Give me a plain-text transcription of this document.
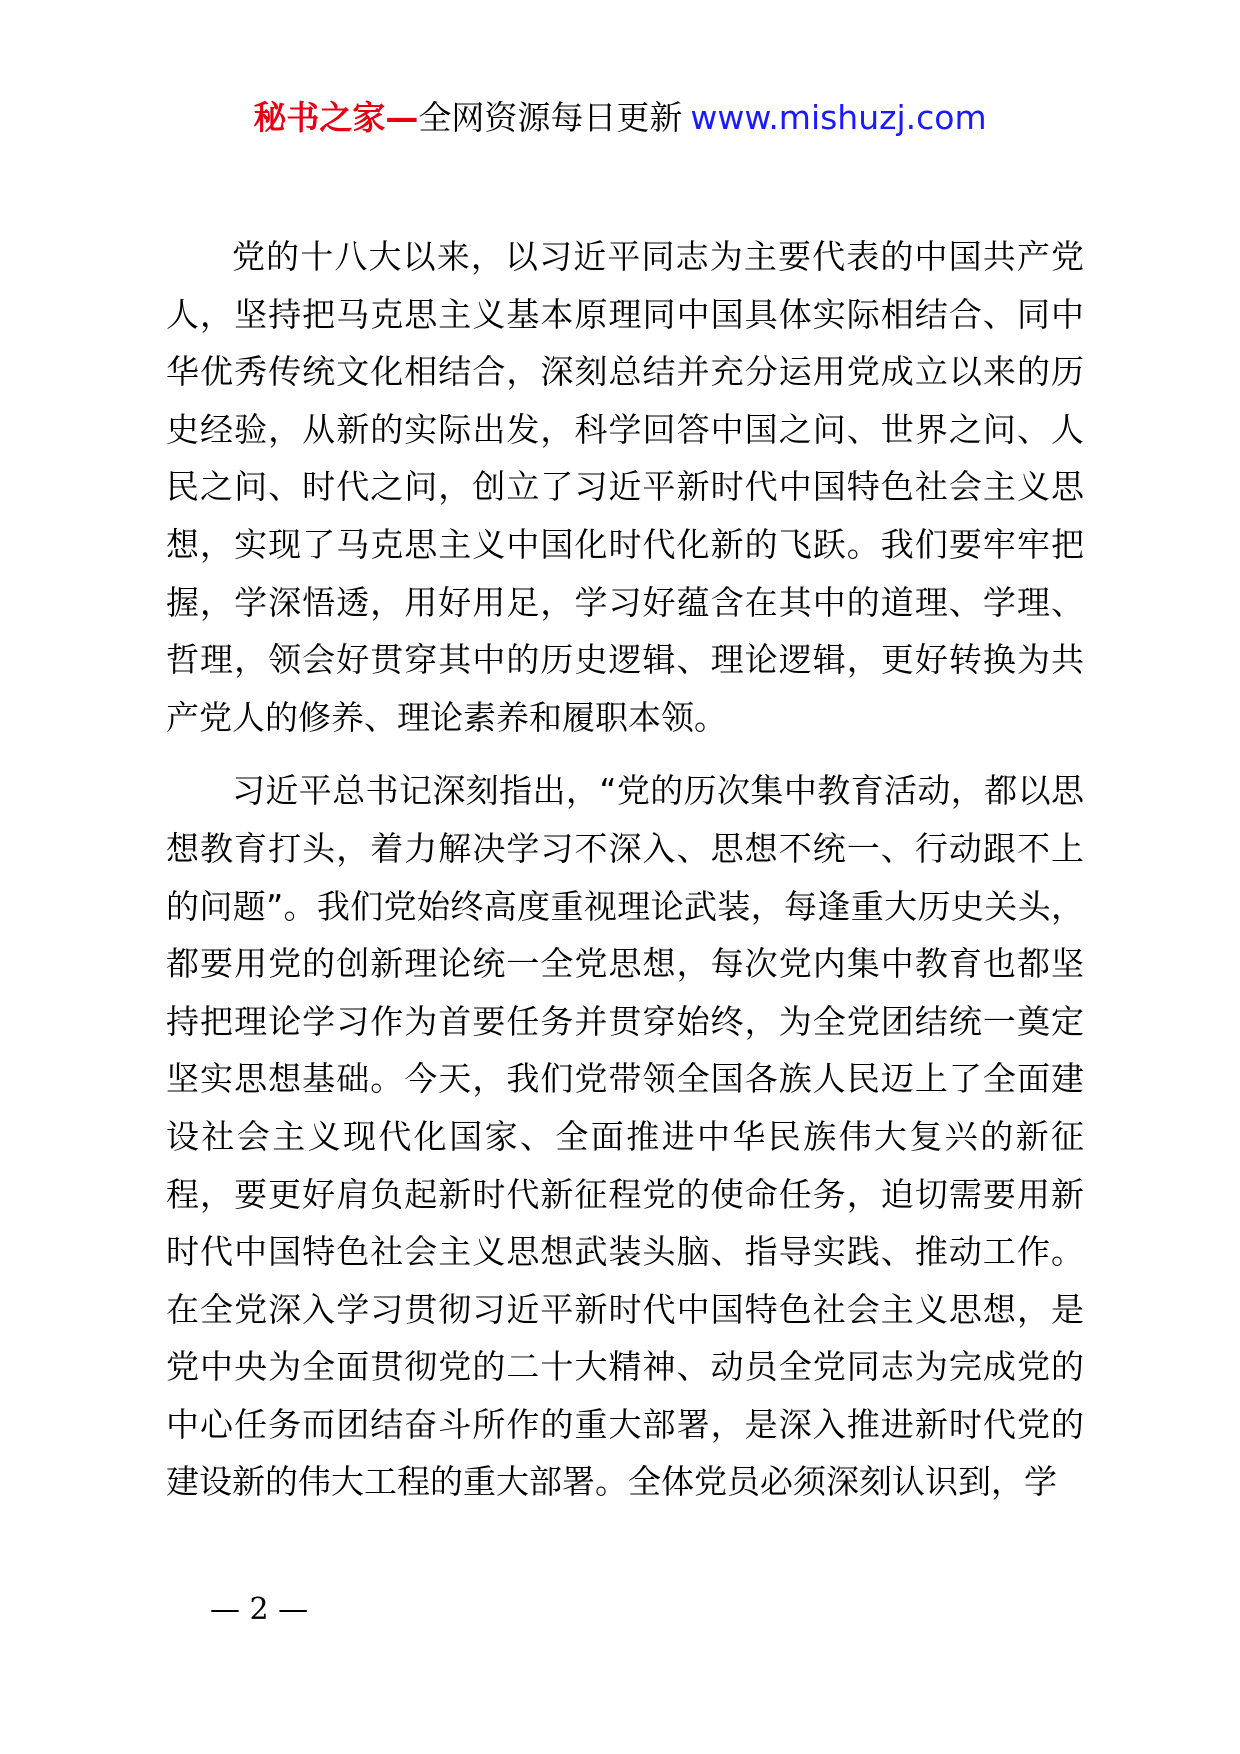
秘书之家—全网资源每日更新 www.mishuzj.com

党的十八大以来，以习近平同志为主要代表的中国共产党人，坚持把马克思主义基本原理同中国具体实际相结合、同中华优秀传统文化相结合，深刻总结并充分运用党成立以来的历史经验，从新的实际出发，科学回答中国之问、世界之问、人民之问、时代之问，创立了习近平新时代中国特色社会主义思想，实现了马克思主义中国化时代化新的飞跃。我们要牢牢把握，学深悟透，用好用足，学习好蕴含在其中的道理、学理、哲理，领会好贯穿其中的历史逻辑、理论逻辑，更好转换为共产党人的修养、理论素养和履职本领。

习近平总书记深刻指出，“党的历次集中教育活动，都以思想教育打头，着力解决学习不深入、思想不统一、行动跟不上的问题”。我们党始终高度重视理论武装，每逢重大历史关头，都要用党的创新理论统一全党思想，每次党内集中教育也都坚持把理论学习作为首要任务并贯穿始终，为全党团结统一奠定坚实思想基础。今天，我们党带领全国各族人民迈上了全面建设社会主义现代化国家、全面推进中华民族伟大复兴的新征程，要更好肩负起新时代新征程党的使命任务，迫切需要用新时代中国特色社会主义思想武装头脑、指导实践、推动工作。在全党深入学习贯彻习近平新时代中国特色社会主义思想，是党中央为全面贯彻党的二十大精神、动员全党同志为完成党的中心任务而团结奋斗所作的重大部署，是深入推进新时代党的建设新的伟大工程的重大部署。全体党员必须深刻认识到，学

— 2 —
